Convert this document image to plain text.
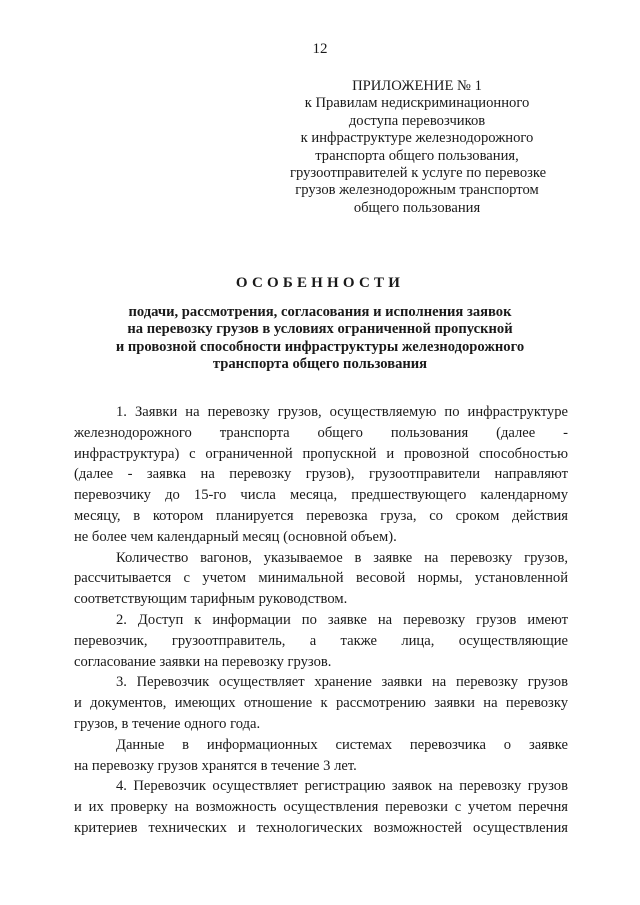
12
ПРИЛОЖЕНИЕ № 1
к Правилам недискриминационного
доступа перевозчиков
к инфраструктуре железнодорожного
транспорта общего пользования,
грузоотправителей к услуге по перевозке
грузов железнодорожным транспортом
общего пользования
ОСОБЕННОСТИ
подачи, рассмотрения, согласования и исполнения заявок
на перевозку грузов в условиях ограниченной пропускной
и провозной способности инфраструктуры железнодорожного
транспорта общего пользования
1. Заявки на перевозку грузов, осуществляемую по инфраструктуре
железнодорожного транспорта общего пользования (далее -
инфраструктура) с ограниченной пропускной и провозной способностью
(далее - заявка на перевозку грузов), грузоотправители направляют
перевозчику до 15-го числа месяца, предшествующего календарному
месяцу, в котором планируется перевозка груза, со сроком действия
не более чем календарный месяц (основной объем).
Количество вагонов, указываемое в заявке на перевозку грузов,
рассчитывается с учетом минимальной весовой нормы, установленной
соответствующим тарифным руководством.
2. Доступ к информации по заявке на перевозку грузов имеют
перевозчик, грузоотправитель, а также лица, осуществляющие
согласование заявки на перевозку грузов.
3. Перевозчик осуществляет хранение заявки на перевозку грузов
и документов, имеющих отношение к рассмотрению заявки на перевозку
грузов, в течение одного года.
Данные в информационных системах перевозчика о заявке
на перевозку грузов хранятся в течение 3 лет.
4. Перевозчик осуществляет регистрацию заявок на перевозку грузов
и их проверку на возможность осуществления перевозки с учетом перечня
критериев технических и технологических возможностей осуществления
